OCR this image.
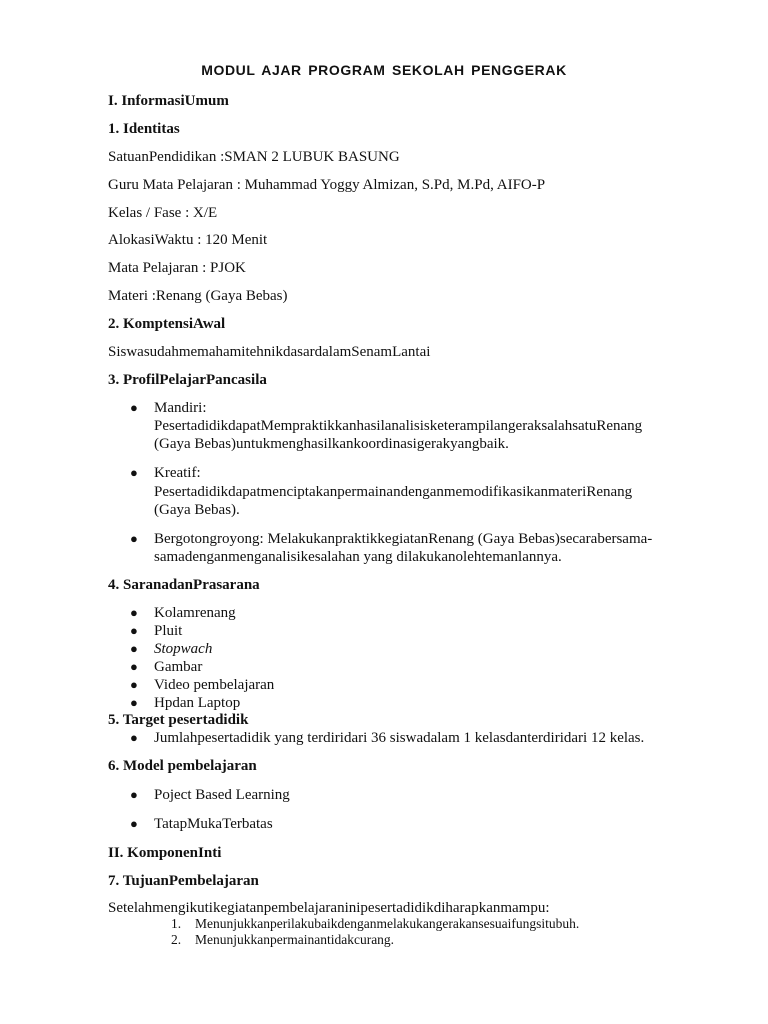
MODUL AJAR PROGRAM SEKOLAH PENGGERAK
I. InformasiUmum
1. Identitas
SatuanPendidikan :SMAN 2 LUBUK BASUNG
Guru Mata Pelajaran : Muhammad Yoggy Almizan, S.Pd, M.Pd, AIFO-P
Kelas / Fase : X/E
AlokasiWaktu : 120 Menit
Mata Pelajaran : PJOK
Materi :Renang (Gaya Bebas)
2. KomptensiAwal
SiswasudahmemahamitehnikdasardalamSenamLantai
3. ProfilPelajarPancasila
● Mandiri:
PesertadidikdapatMempraktikkanhasilanalisisketerampilangeraksalahsatuRenang
(Gaya Bebas)untukmenghasilkankoordinasigerakyangbaik.
● Kreatif:
PesertadidikdapatmenciptakanpermainandenganmemodifikasikanmateriRenang
(Gaya Bebas).
● Bergotongroyong: MelakukanpraktikkegiatanRenang (Gaya Bebas)secarabersama-
samadenganmenganalisikesalahan yang dilakukanolehtemanlannya.
4. SaranadanPrasarana
● Kolamrenang
● Pluit
● Stopwach
● Gambar
● Video pembelajaran
● Hpdan Laptop
5. Target pesertadidik
● Jumlahpesertadidik yang terdiridari 36 siswadalam 1 kelasdanterdiridari 12 kelas.
6. Model pembelajaran
● Poject Based Learning
● TatapMukaTerbatas
II. KomponenInti
7. TujuanPembelajaran
Setelahmengikutikegiatanpembelajaraninipesertadidikdiharapkanmampu:
1. Menunjukkanperilakubaikdenganmelakukangerakansesuaifungsitubuh.
2. Menunjukkanpermainantidakcurang.
